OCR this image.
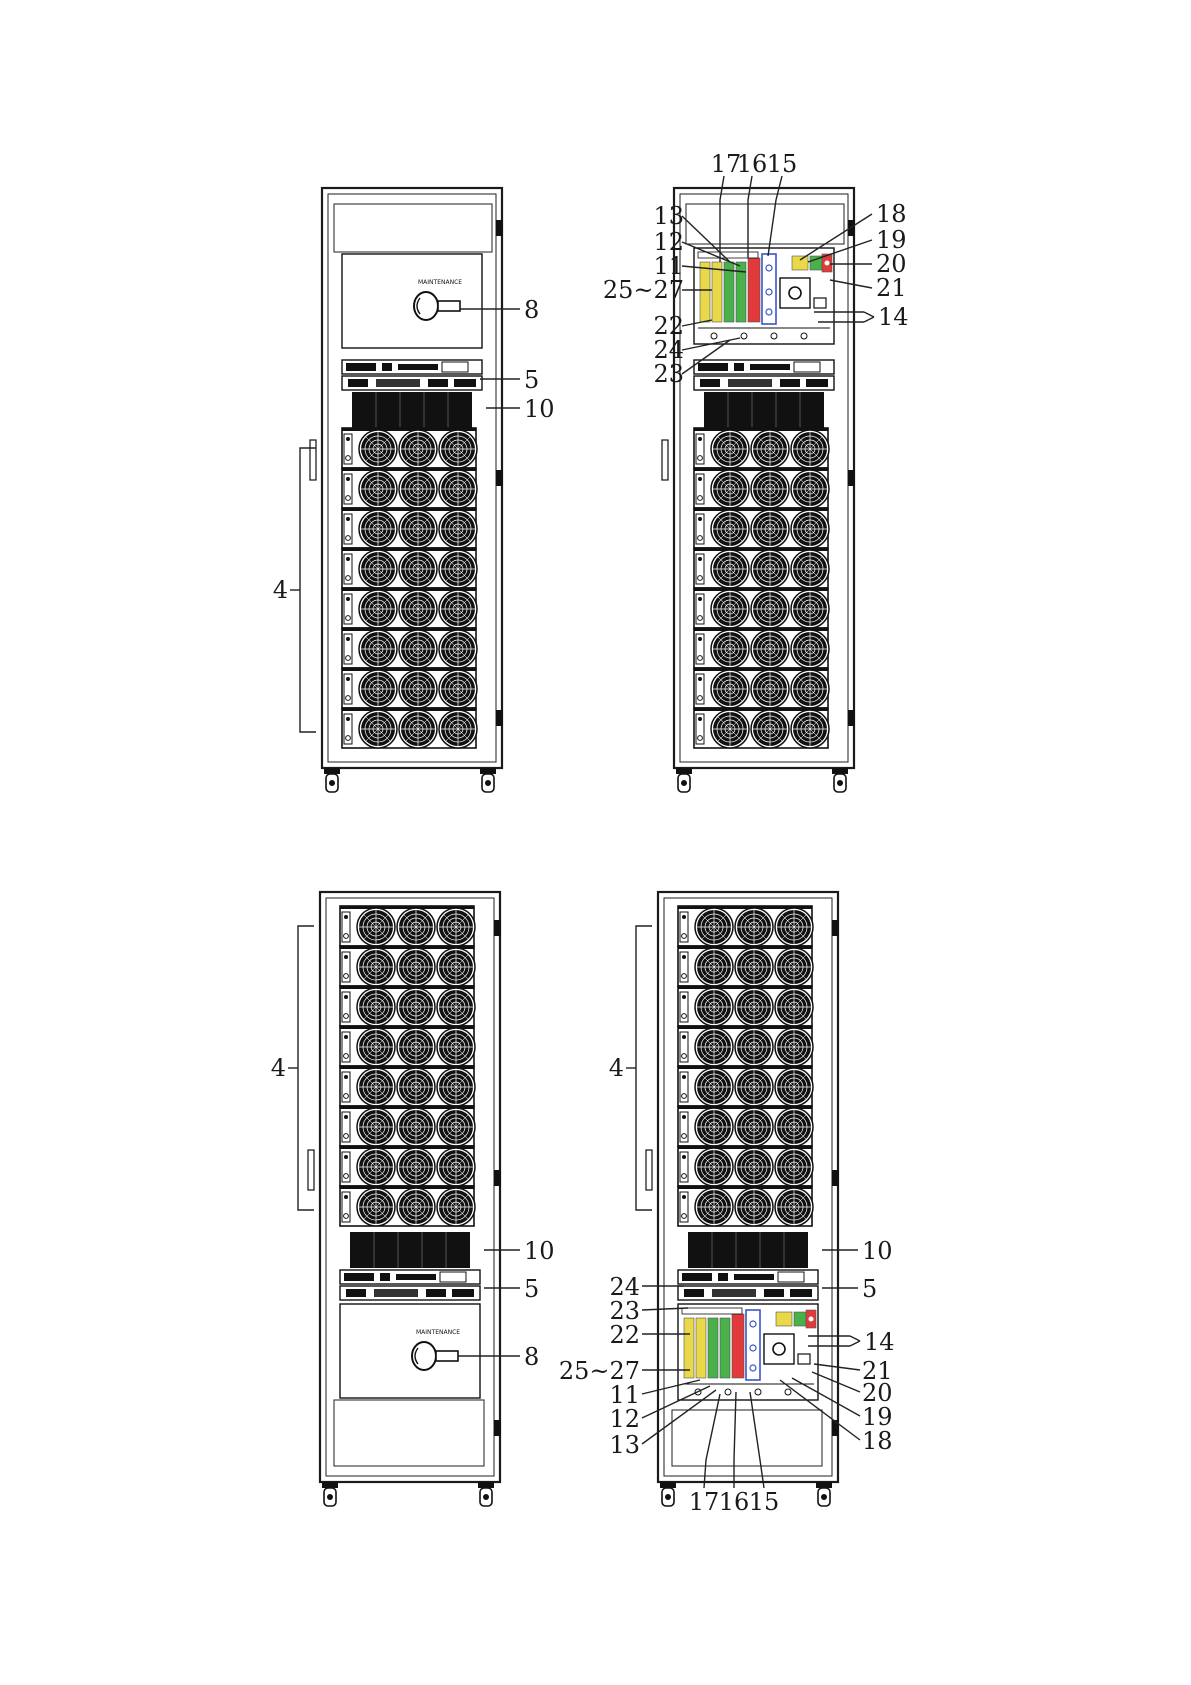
MAINTENANCE
4
8
5
10
17
16 15
13
12
11
25~27
22
24
23
18
19
20
21
14
MAINTENANCE
4
10
5
8
4
24
23
22
25~27
11
12
13
17 16 15
10
5
14
21
20
19
18
